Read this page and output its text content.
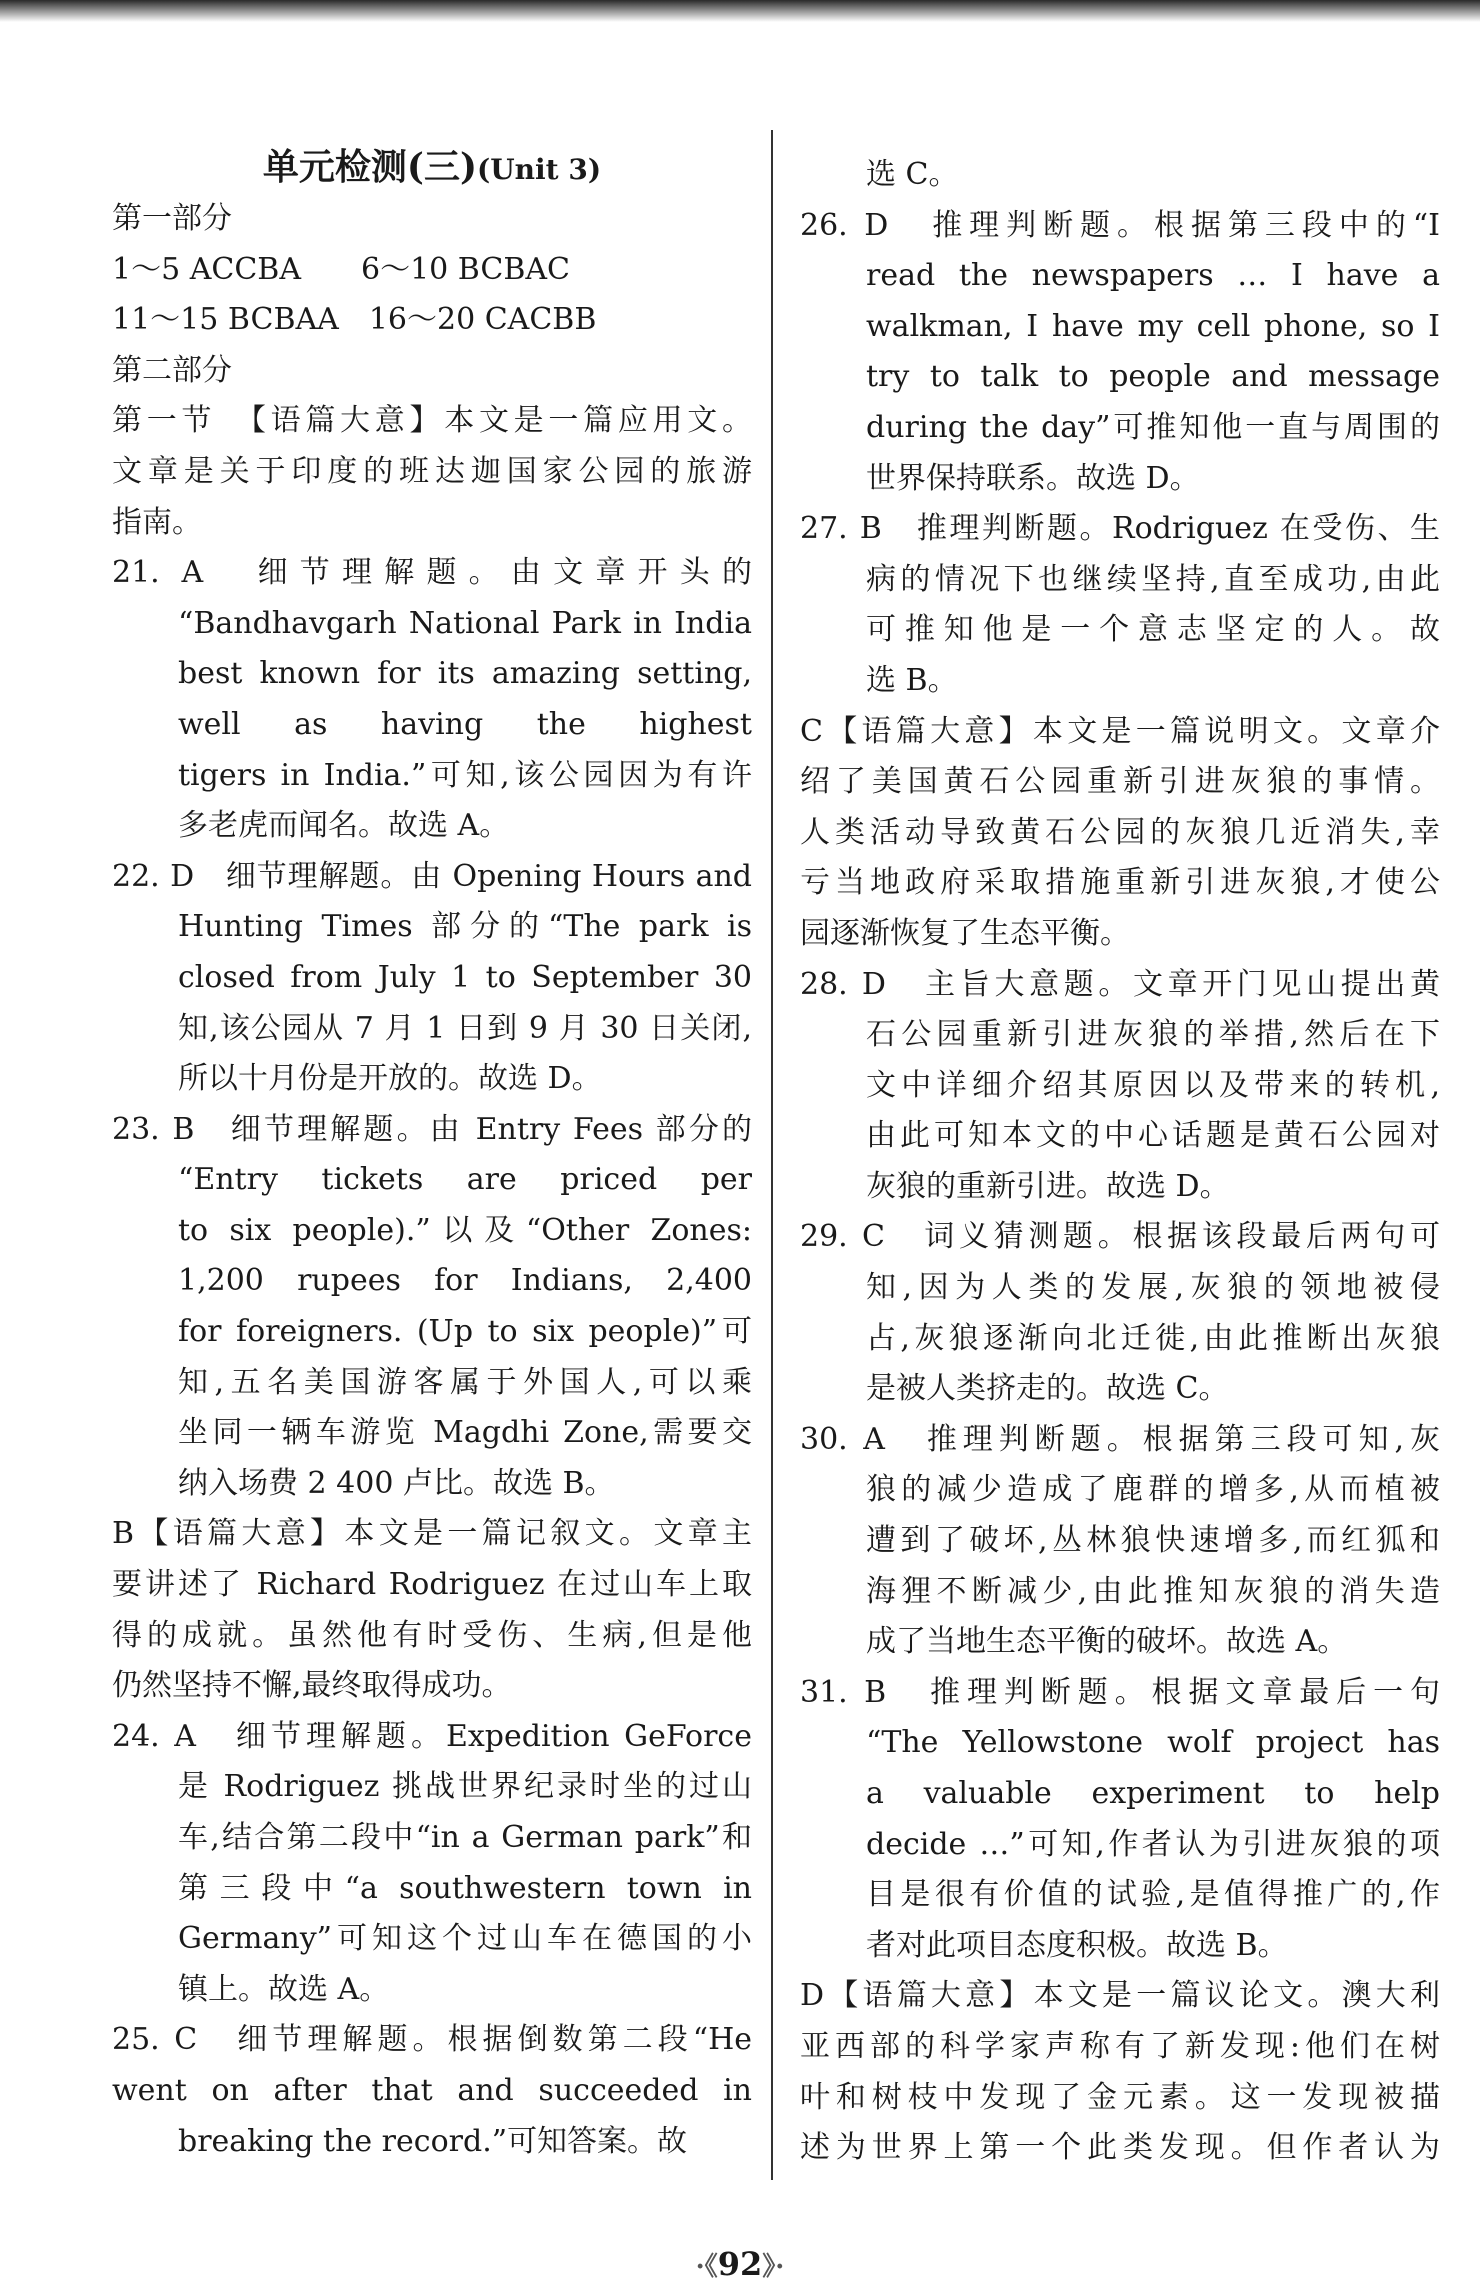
单元检测(三)(Unit 3)
第一部分
1～5 ACCBA　　6～10 BCBAC
11～15 BCBAA　16～20 CACBB
第二部分
第一节　【语篇大意】本文是一篇应用文。
文章是关于印度的班达迦国家公园的旅游
指南。
21. A　细节理解题。由文章开头的
“Bandhavgarh National Park in India
best known for its amazing setting,
well as having the highest
tigers in India.”可知,该公园因为有许
多老虎而闻名。故选 A。
22. D　细节理解题。由 Opening Hours and
Hunting Times 部分的“The park is
closed from July 1 to September 30
知,该公园从 7 月 1 日到 9 月 30 日关闭,
所以十月份是开放的。故选 D。
23. B　细节理解题。由 Entry Fees 部分的
“Entry tickets are priced per
to six people).”以及“Other Zones:
1,200 rupees for Indians, 2,400
for foreigners. (Up to six people)”可
知,五名美国游客属于外国人,可以乘
坐同一辆车游览 Magdhi Zone,需要交
纳入场费 2 400 卢比。故选 B。
B【语篇大意】本文是一篇记叙文。文章主
要讲述了 Richard Rodriguez 在过山车上取
得的成就。虽然他有时受伤、生病,但是他
仍然坚持不懈,最终取得成功。
24. A　细节理解题。Expedition GeForce
是 Rodriguez 挑战世界纪录时坐的过山
车,结合第二段中“in a German park”和
第三段中“a southwestern town in
Germany”可知这个过山车在德国的小
镇上。故选 A。
25. C　细节理解题。根据倒数第二段“He
went on after that and succeeded in
breaking the record.”可知答案。故
选 C。
26. D　推理判断题。根据第三段中的“I
read the newspapers … I have a
walkman, I have my cell phone, so I
try to talk to people and message
during the day”可推知他一直与周围的
世界保持联系。故选 D。
27. B　推理判断题。Rodriguez 在受伤、生
病的情况下也继续坚持,直至成功,由此
可推知他是一个意志坚定的人。故
选 B。
C【语篇大意】本文是一篇说明文。文章介
绍了美国黄石公园重新引进灰狼的事情。
人类活动导致黄石公园的灰狼几近消失,幸
亏当地政府采取措施重新引进灰狼,才使公
园逐渐恢复了生态平衡。
28. D　主旨大意题。文章开门见山提出黄
石公园重新引进灰狼的举措,然后在下
文中详细介绍其原因以及带来的转机,
由此可知本文的中心话题是黄石公园对
灰狼的重新引进。故选 D。
29. C　词义猜测题。根据该段最后两句可
知,因为人类的发展,灰狼的领地被侵
占,灰狼逐渐向北迁徙,由此推断出灰狼
是被人类挤走的。故选 C。
30. A　推理判断题。根据第三段可知,灰
狼的减少造成了鹿群的增多,从而植被
遭到了破坏,丛林狼快速增多,而红狐和
海狸不断减少,由此推知灰狼的消失造
成了当地生态平衡的破坏。故选 A。
31. B　推理判断题。根据文章最后一句
“The Yellowstone wolf project has
a valuable experiment to help
decide …”可知,作者认为引进灰狼的项
目是很有价值的试验,是值得推广的,作
者对此项目态度积极。故选 B。
D【语篇大意】本文是一篇议论文。澳大利
亚西部的科学家声称有了新发现:他们在树
叶和树枝中发现了金元素。这一发现被描
述为世界上第一个此类发现。但作者认为
·《92》·
